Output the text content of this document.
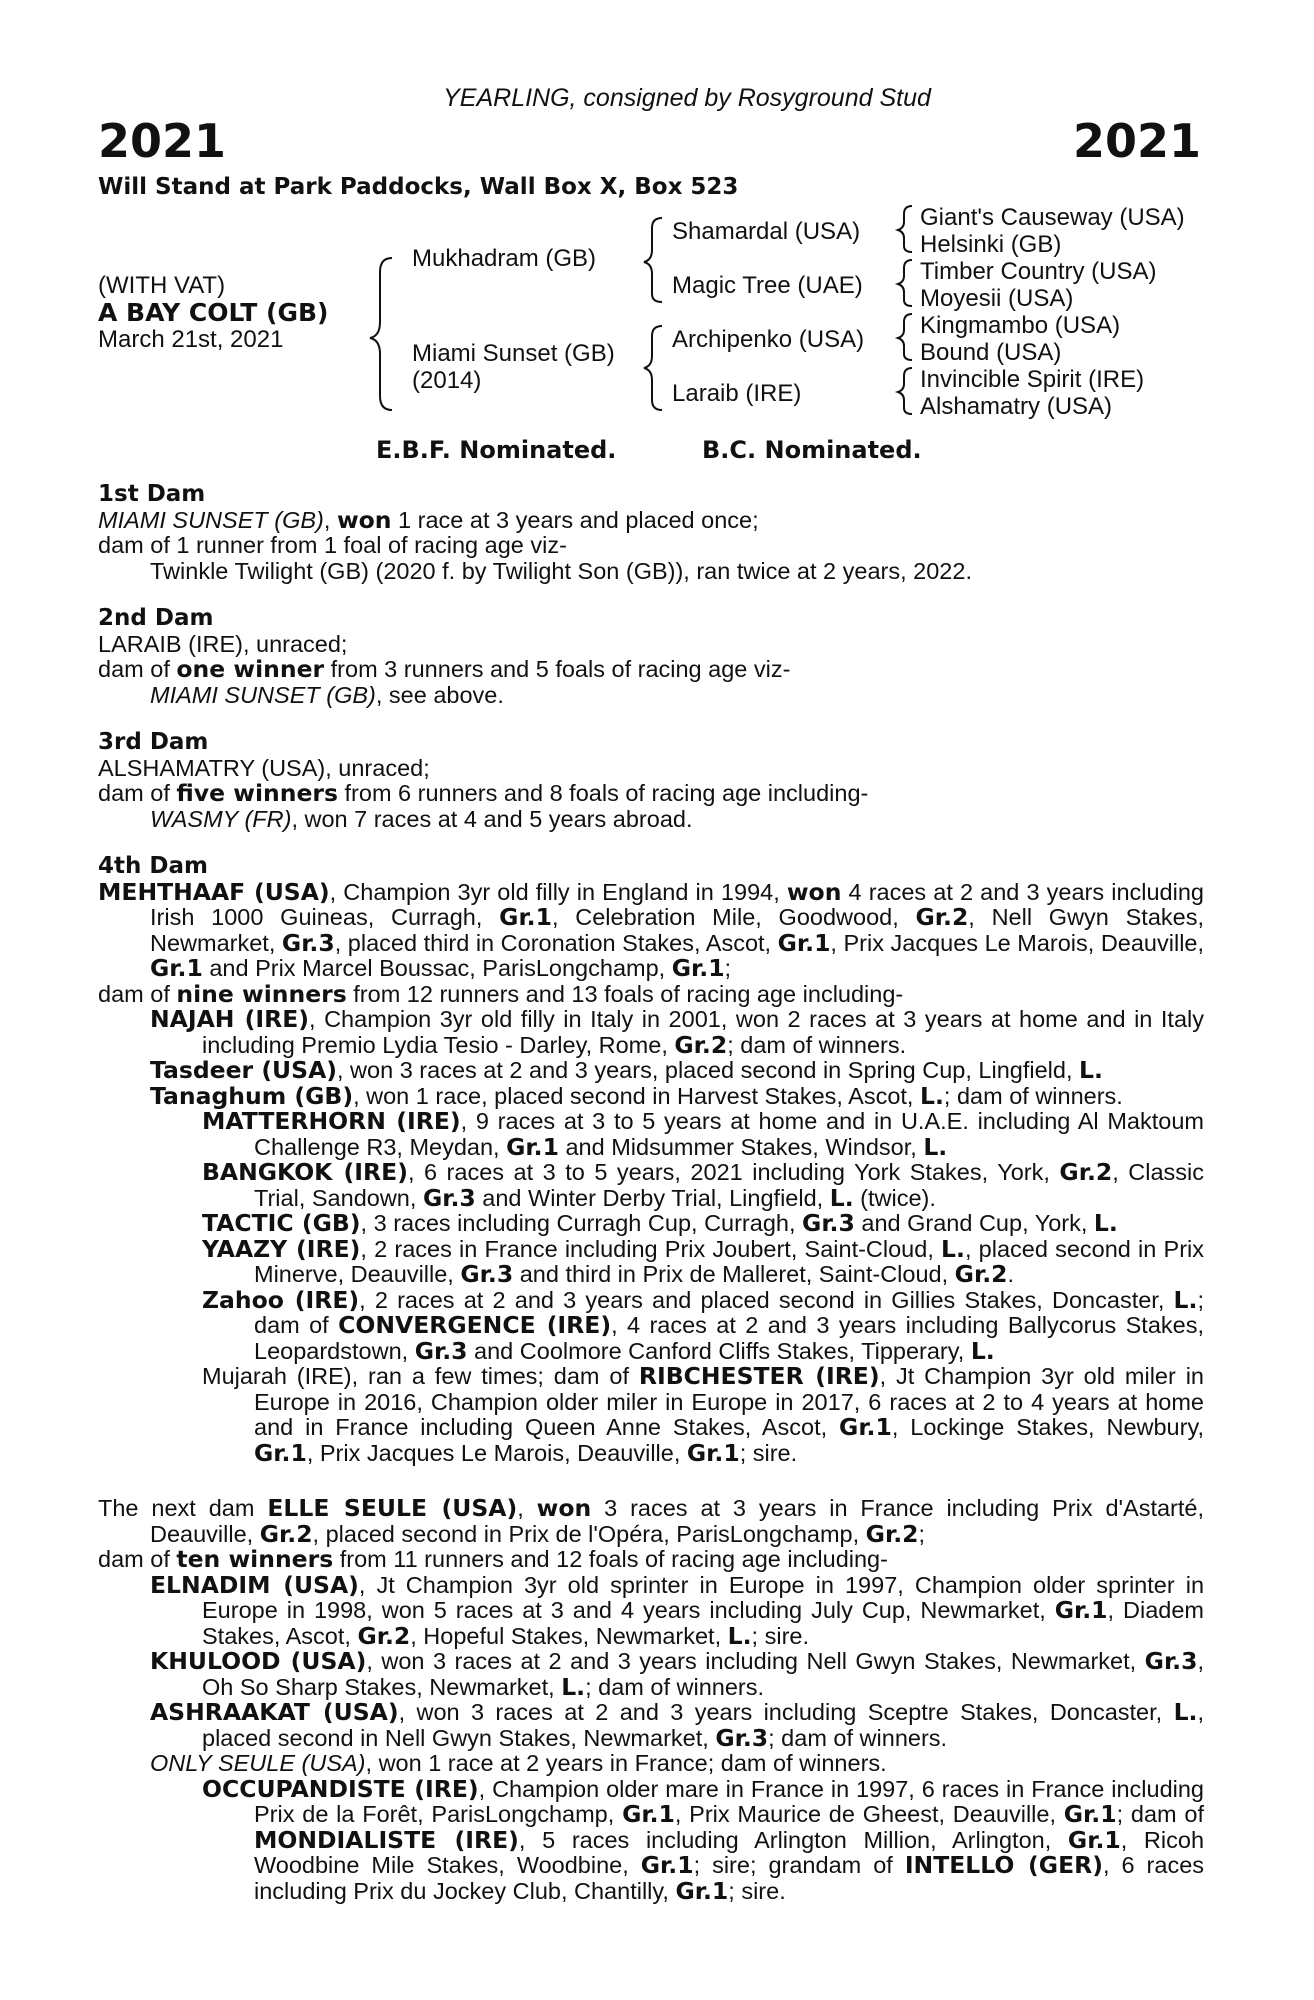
YEARLING, consigned by Rosyground Stud
2021	2021
Will Stand at Park Paddocks, Wall Box X, Box 523
(WITH VAT)
A BAY COLT (GB)
March 21st, 2021
Mukhadram (GB)
Miami Sunset (GB)
(2014)
Shamardal (USA)
Magic Tree (UAE)
Archipenko (USA)
Laraib (IRE)
Giant's Causeway (USA)
Helsinki (GB)
Timber Country (USA)
Moyesii (USA)
Kingmambo (USA)
Bound (USA)
Invincible Spirit (IRE)
Alshamatry (USA)
E.B.F. Nominated.	B.C. Nominated.
1st Dam
MIAMI SUNSET (GB), won 1 race at 3 years and placed once;
dam of 1 runner from 1 foal of racing age viz-
Twinkle Twilight (GB) (2020 f. by Twilight Son (GB)), ran twice at 2 years, 2022.
2nd Dam
LARAIB (IRE), unraced;
dam of one winner from 3 runners and 5 foals of racing age viz-
MIAMI SUNSET (GB), see above.
3rd Dam
ALSHAMATRY (USA), unraced;
dam of five winners from 6 runners and 8 foals of racing age including-
WASMY (FR), won 7 races at 4 and 5 years abroad.
4th Dam
MEHTHAAF (USA), Champion 3yr old filly in England in 1994, won 4 races at 2 and 3 years including Irish 1000 Guineas, Curragh, Gr.1, Celebration Mile, Goodwood, Gr.2, Nell Gwyn Stakes, Newmarket, Gr.3, placed third in Coronation Stakes, Ascot, Gr.1, Prix Jacques Le Marois, Deauville, Gr.1 and Prix Marcel Boussac, ParisLongchamp, Gr.1;
dam of nine winners from 12 runners and 13 foals of racing age including-
NAJAH (IRE), Champion 3yr old filly in Italy in 2001, won 2 races at 3 years at home and in Italy including Premio Lydia Tesio - Darley, Rome, Gr.2; dam of winners.
Tasdeer (USA), won 3 races at 2 and 3 years, placed second in Spring Cup, Lingfield, L.
Tanaghum (GB), won 1 race, placed second in Harvest Stakes, Ascot, L.; dam of winners.
MATTERHORN (IRE), 9 races at 3 to 5 years at home and in U.A.E. including Al Maktoum Challenge R3, Meydan, Gr.1 and Midsummer Stakes, Windsor, L.
BANGKOK (IRE), 6 races at 3 to 5 years, 2021 including York Stakes, York, Gr.2, Classic Trial, Sandown, Gr.3 and Winter Derby Trial, Lingfield, L. (twice).
TACTIC (GB), 3 races including Curragh Cup, Curragh, Gr.3 and Grand Cup, York, L.
YAAZY (IRE), 2 races in France including Prix Joubert, Saint-Cloud, L., placed second in Prix Minerve, Deauville, Gr.3 and third in Prix de Malleret, Saint-Cloud, Gr.2.
Zahoo (IRE), 2 races at 2 and 3 years and placed second in Gillies Stakes, Doncaster, L.; dam of CONVERGENCE (IRE), 4 races at 2 and 3 years including Ballycorus Stakes, Leopardstown, Gr.3 and Coolmore Canford Cliffs Stakes, Tipperary, L.
Mujarah (IRE), ran a few times; dam of RIBCHESTER (IRE), Jt Champion 3yr old miler in Europe in 2016, Champion older miler in Europe in 2017, 6 races at 2 to 4 years at home and in France including Queen Anne Stakes, Ascot, Gr.1, Lockinge Stakes, Newbury, Gr.1, Prix Jacques Le Marois, Deauville, Gr.1; sire.
The next dam ELLE SEULE (USA), won 3 races at 3 years in France including Prix d'Astarté, Deauville, Gr.2, placed second in Prix de l'Opéra, ParisLongchamp, Gr.2;
dam of ten winners from 11 runners and 12 foals of racing age including-
ELNADIM (USA), Jt Champion 3yr old sprinter in Europe in 1997, Champion older sprinter in Europe in 1998, won 5 races at 3 and 4 years including July Cup, Newmarket, Gr.1, Diadem Stakes, Ascot, Gr.2, Hopeful Stakes, Newmarket, L.; sire.
KHULOOD (USA), won 3 races at 2 and 3 years including Nell Gwyn Stakes, Newmarket, Gr.3, Oh So Sharp Stakes, Newmarket, L.; dam of winners.
ASHRAAKAT (USA), won 3 races at 2 and 3 years including Sceptre Stakes, Doncaster, L., placed second in Nell Gwyn Stakes, Newmarket, Gr.3; dam of winners.
ONLY SEULE (USA), won 1 race at 2 years in France; dam of winners.
OCCUPANDISTE (IRE), Champion older mare in France in 1997, 6 races in France including Prix de la Forêt, ParisLongchamp, Gr.1, Prix Maurice de Gheest, Deauville, Gr.1; dam of MONDIALISTE (IRE), 5 races including Arlington Million, Arlington, Gr.1, Ricoh Woodbine Mile Stakes, Woodbine, Gr.1; sire; grandam of INTELLO (GER), 6 races including Prix du Jockey Club, Chantilly, Gr.1; sire.
